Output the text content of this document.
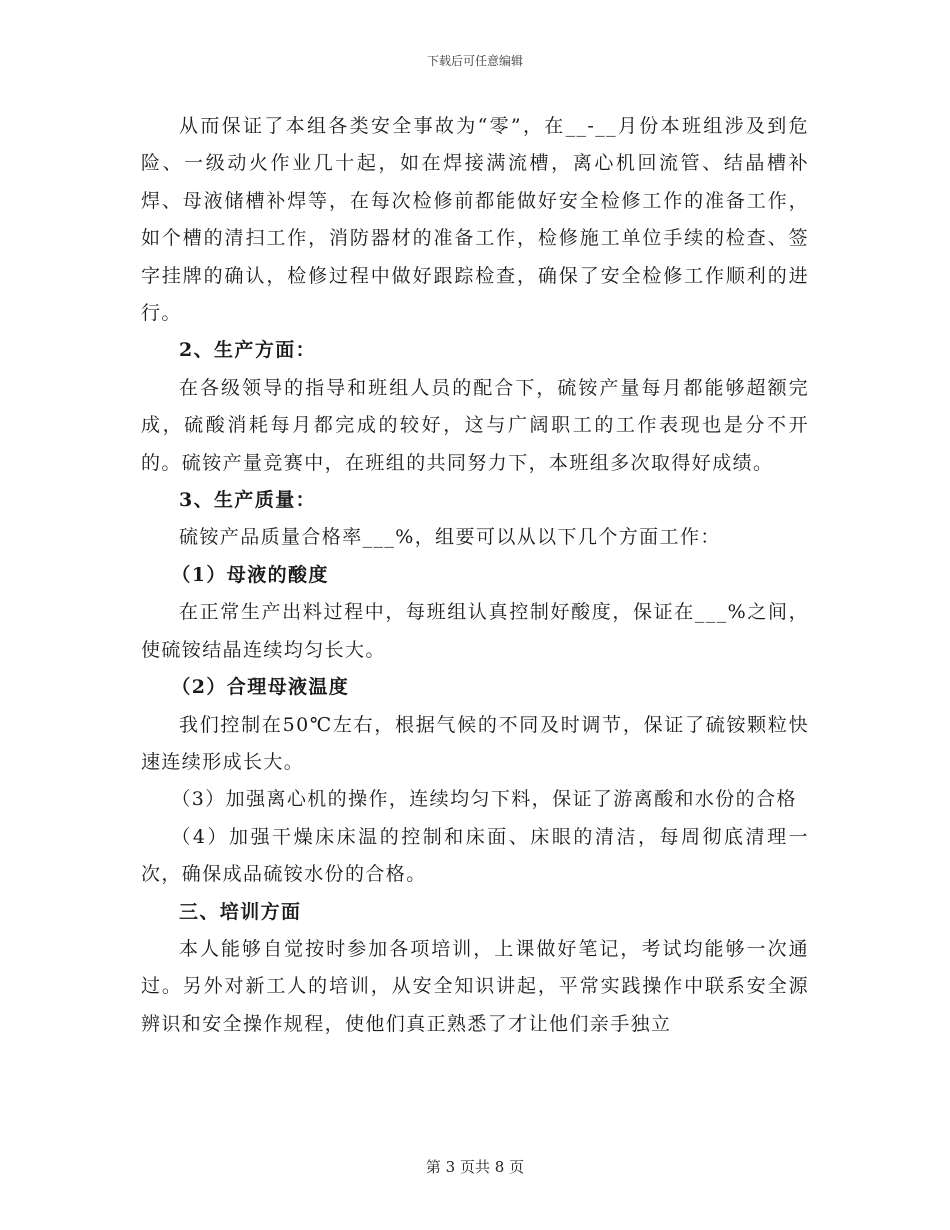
下载后可任意编辑

从而保证了本组各类安全事故为“零”，在__-__月份本班组涉及到危险、一级动火作业几十起，如在焊接满流槽，离心机回流管、结晶槽补焊、母液储槽补焊等，在每次检修前都能做好安全检修工作的准备工作，如个槽的清扫工作，消防器材的准备工作，检修施工单位手续的检查、签字挂牌的确认，检修过程中做好跟踪检查，确保了安全检修工作顺利的进行。

2、生产方面：

在各级领导的指导和班组人员的配合下，硫铵产量每月都能够超额完成，硫酸消耗每月都完成的较好，这与广阔职工的工作表现也是分不开的。硫铵产量竞赛中，在班组的共同努力下，本班组多次取得好成绩。

3、生产质量：

硫铵产品质量合格率___%，组要可以从以下几个方面工作：

（1）母液的酸度

在正常生产出料过程中，每班组认真控制好酸度，保证在___%之间，使硫铵结晶连续均匀长大。

（2）合理母液温度

我们控制在50℃左右，根据气候的不同及时调节，保证了硫铵颗粒快速连续形成长大。

（3）加强离心机的操作，连续均匀下料，保证了游离酸和水份的合格

（4）加强干燥床床温的控制和床面、床眼的清洁，每周彻底清理一次，确保成品硫铵水份的合格。

三、培训方面

本人能够自觉按时参加各项培训，上课做好笔记，考试均能够一次通过。另外对新工人的培训，从安全知识讲起，平常实践操作中联系安全源辨识和安全操作规程，使他们真正熟悉了才让他们亲手独立

第 3 页共 8 页
